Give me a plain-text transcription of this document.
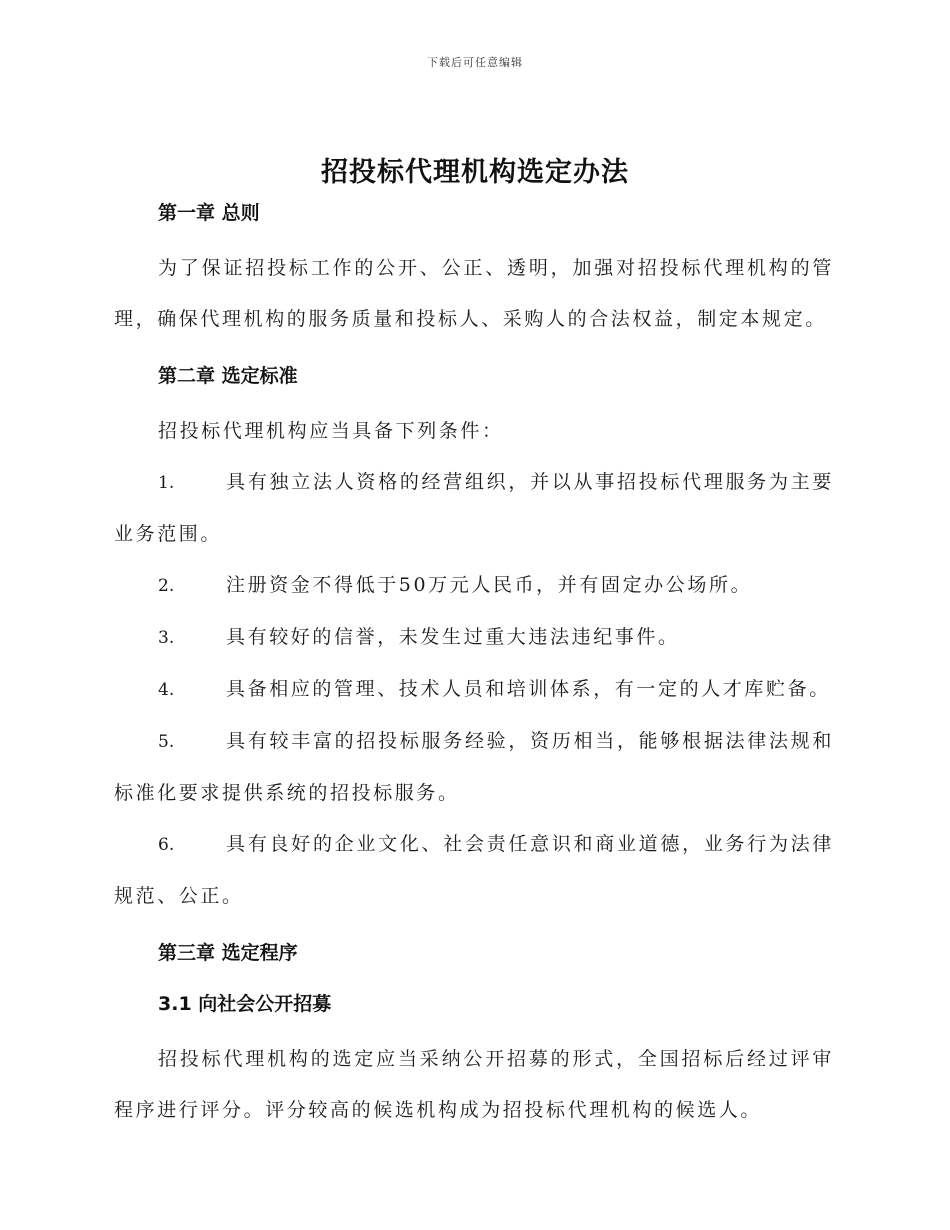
下载后可任意编辑
招投标代理机构选定办法
第一章 总则

为了保证招投标工作的公开、公正、透明，加强对招投标代理机构的管理，确保代理机构的服务质量和投标人、采购人的合法权益，制定本规定。

第二章 选定标准

招投标代理机构应当具备下列条件：

1.	具有独立法人资格的经营组织，并以从事招投标代理服务为主要业务范围。

2.	注册资金不得低于50万元人民币，并有固定办公场所。

3.	具有较好的信誉，未发生过重大违法违纪事件。

4.	具备相应的管理、技术人员和培训体系，有一定的人才库贮备。

5.	具有较丰富的招投标服务经验，资历相当，能够根据法律法规和标准化要求提供系统的招投标服务。

6.	具有良好的企业文化、社会责任意识和商业道德，业务行为法律规范、公正。

第三章 选定程序
3.1 向社会公开招募

招投标代理机构的选定应当采纳公开招募的形式，全国招标后经过评审程序进行评分。评分较高的候选机构成为招投标代理机构的候选人。
